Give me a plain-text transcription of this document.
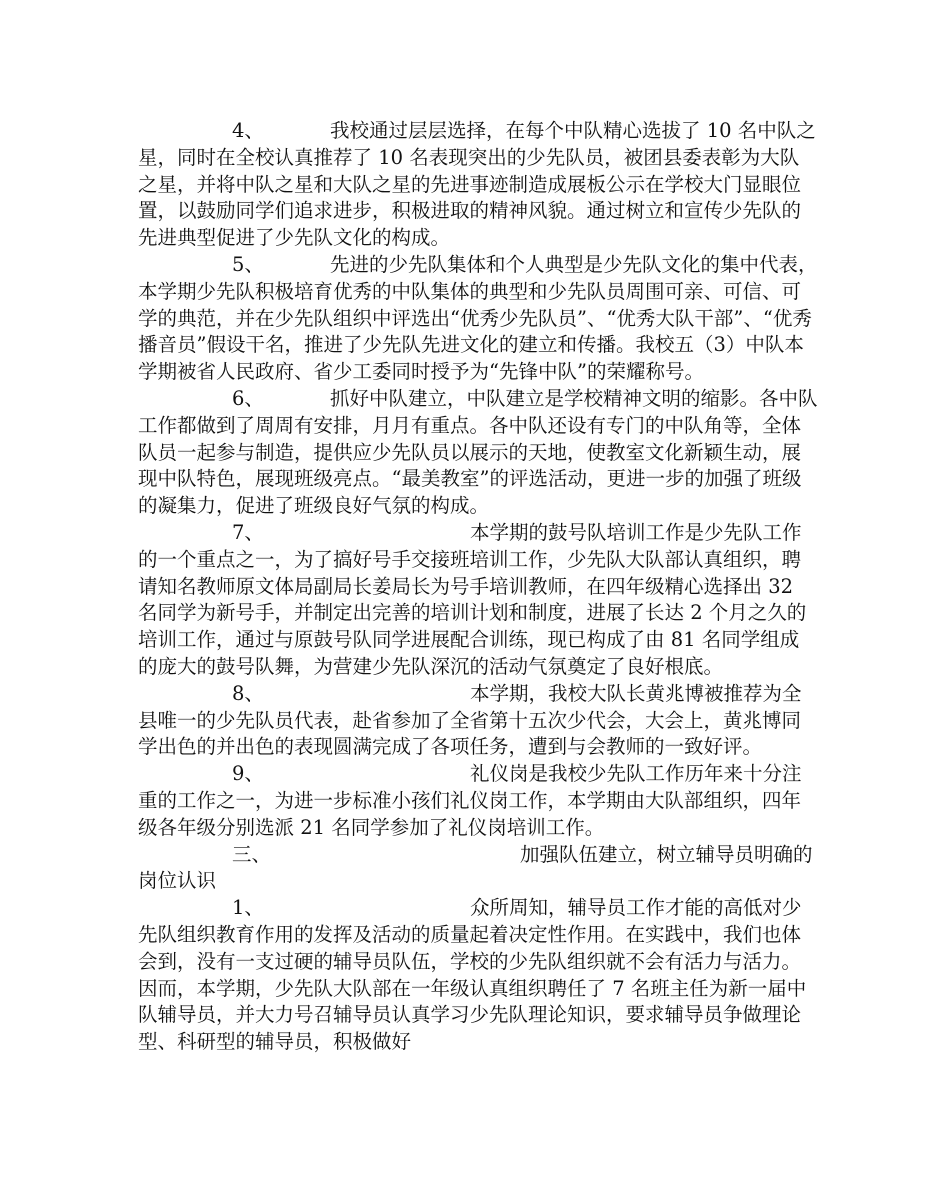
4、	我校通过层层选择，在每个中队精心选拔了 10 名中队之星，同时在全校认真推荐了 10 名表现突出的少先队员，被团县委表彰为大队之星，并将中队之星和大队之星的先进事迹制造成展板公示在学校大门显眼位置，以鼓励同学们追求进步，积极进取的精神风貌。通过树立和宣传少先队的先进典型促进了少先队文化的构成。

5、	先进的少先队集体和个人典型是少先队文化的集中代表，本学期少先队积极培育优秀的中队集体的典型和少先队员周围可亲、可信、可学的典范，并在少先队组织中评选出“优秀少先队员”、“优秀大队干部”、“优秀播音员”假设干名，推进了少先队先进文化的建立和传播。我校五（3）中队本学期被省人民政府、省少工委同时授予为“先锋中队”的荣耀称号。

6、	抓好中队建立，中队建立是学校精神文明的缩影。各中队工作都做到了周周有安排，月月有重点。各中队还设有专门的中队角等，全体队员一起参与制造，提供应少先队员以展示的天地，使教室文化新颖生动，展现中队特色，展现班级亮点。“最美教室”的评选活动，更进一步的加强了班级的凝集力，促进了班级良好气氛的构成。

7、	本学期的鼓号队培训工作是少先队工作的一个重点之一，为了搞好号手交接班培训工作，少先队大队部认真组织，聘请知名教师原文体局副局长姜局长为号手培训教师，在四年级精心选择出 32 名同学为新号手，并制定出完善的培训计划和制度，进展了长达 2 个月之久的培训工作，通过与原鼓号队同学进展配合训练，现已构成了由 81 名同学组成的庞大的鼓号队舞，为营建少先队深沉的活动气氛奠定了良好根底。

8、	本学期，我校大队长黄兆博被推荐为全县唯一的少先队员代表，赴省参加了全省第十五次少代会，大会上，黄兆博同学出色的并出色的表现圆满完成了各项任务，遭到与会教师的一致好评。

9、	礼仪岗是我校少先队工作历年来十分注重的工作之一，为进一步标准小孩们礼仪岗工作，本学期由大队部组织，四年级各年级分别选派 21 名同学参加了礼仪岗培训工作。

三、	加强队伍建立，树立辅导员明确的岗位认识

1、	众所周知，辅导员工作才能的高低对少先队组织教育作用的发挥及活动的质量起着决定性作用。在实践中，我们也体会到，没有一支过硬的辅导员队伍，学校的少先队组织就不会有活力与活力。因而，本学期，少先队大队部在一年级认真组织聘任了 7 名班主任为新一届中队辅导员，并大力号召辅导员认真学习少先队理论知识，要求辅导员争做理论型、科研型的辅导员，积极做好
